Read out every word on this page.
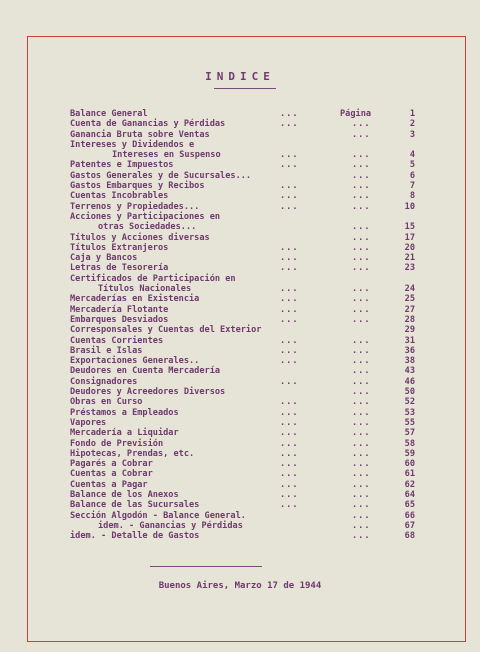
INDICE
Balance General	...	Página	1
Cuenta de Ganancias y Pérdidas	...	...	2
Ganancia Bruta sobre Ventas	...	3
Intereses y Dividendos e
Intereses en Suspenso	...	...	4
Patentes e Impuestos	...	...	5
Gastos Generales y de Sucursales...	...	6
Gastos Embarques y Recibos	...	...	7
Cuentas Incobrables	...	...	8
Terrenos y Propiedades...	...	...	10
Acciones y Participaciones en
otras Sociedades...	...	15
Títulos y Acciones diversas	...	17
Títulos Extranjeros	...	...	20
Caja y Bancos	...	...	21
Letras de Tesorería	...	...	23
Certificados de Participación en
Títulos Nacionales	...	...	24
Mercaderías en Existencia	...	...	25
Mercadería Flotante	...	...	27
Embarques Desviados	...	...	28
Corresponsales y Cuentas del Exterior	29
Cuentas Corrientes	...	...	31
Brasil e Islas	...	...	36
Exportaciones Generales..	...	...	38
Deudores en Cuenta Mercadería	...	43
Consignadores	...	...	46
Deudores y Acreedores Diversos	...	50
Obras en Curso	...	...	52
Préstamos a Empleados	...	...	53
Vapores	...	...	55
Mercadería a Liquidar	...	...	57
Fondo de Previsión	...	...	58
Hipotecas, Prendas, etc.	...	...	59
Pagarés a Cobrar	...	...	60
Cuentas a Cobrar	...	...	61
Cuentas a Pagar	...	...	62
Balance de los Anexos	...	...	64
Balance de las Sucursales	...	...	65
Sección Algodón - Balance General.	...	66
idem. - Ganancias y Pérdidas	...	67
idem. - Detalle de Gastos	...	68
Buenos Aires, Marzo 17 de 1944
